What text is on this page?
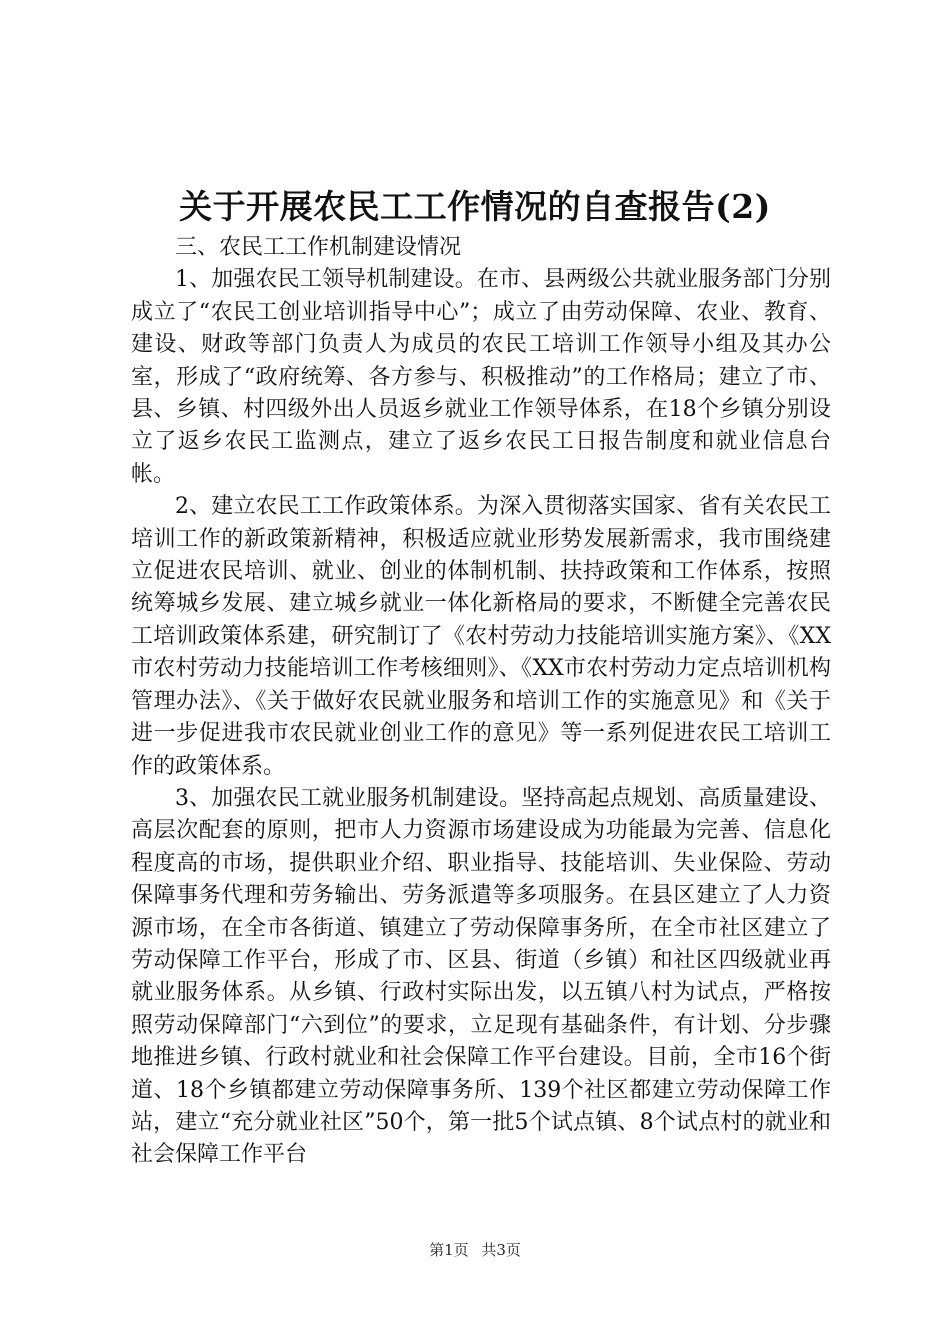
关于开展农民工工作情况的自查报告(2)

三、农民工工作机制建设情况

1、加强农民工领导机制建设。在市、县两级公共就业服务部门分别成立了“农民工创业培训指导中心”；成立了由劳动保障、农业、教育、建设、财政等部门负责人为成员的农民工培训工作领导小组及其办公室，形成了“政府统筹、各方参与、积极推动”的工作格局；建立了市、县、乡镇、村四级外出人员返乡就业工作领导体系，在18个乡镇分别设立了返乡农民工监测点，建立了返乡农民工日报告制度和就业信息台帐。

2、建立农民工工作政策体系。为深入贯彻落实国家、省有关农民工培训工作的新政策新精神，积极适应就业形势发展新需求，我市围绕建立促进农民培训、就业、创业的体制机制、扶持政策和工作体系，按照统筹城乡发展、建立城乡就业一体化新格局的要求，不断健全完善农民工培训政策体系建，研究制订了《农村劳动力技能培训实施方案》、《XX市农村劳动力技能培训工作考核细则》、《XX市农村劳动力定点培训机构管理办法》、《关于做好农民就业服务和培训工作的实施意见》和《关于进一步促进我市农民就业创业工作的意见》等一系列促进农民工培训工作的政策体系。

3、加强农民工就业服务机制建设。坚持高起点规划、高质量建设、高层次配套的原则，把市人力资源市场建设成为功能最为完善、信息化程度高的市场，提供职业介绍、职业指导、技能培训、失业保险、劳动保障事务代理和劳务输出、劳务派遣等多项服务。在县区建立了人力资源市场，在全市各街道、镇建立了劳动保障事务所，在全市社区建立了劳动保障工作平台，形成了市、区县、街道（乡镇）和社区四级就业再就业服务体系。从乡镇、行政村实际出发，以五镇八村为试点，严格按照劳动保障部门“六到位”的要求，立足现有基础条件，有计划、分步骤地推进乡镇、行政村就业和社会保障工作平台建设。目前，全市16个街道、18个乡镇都建立劳动保障事务所、139个社区都建立劳动保障工作站，建立“充分就业社区”50个，第一批5个试点镇、8个试点村的就业和社会保障工作平台

第1页 共3页
